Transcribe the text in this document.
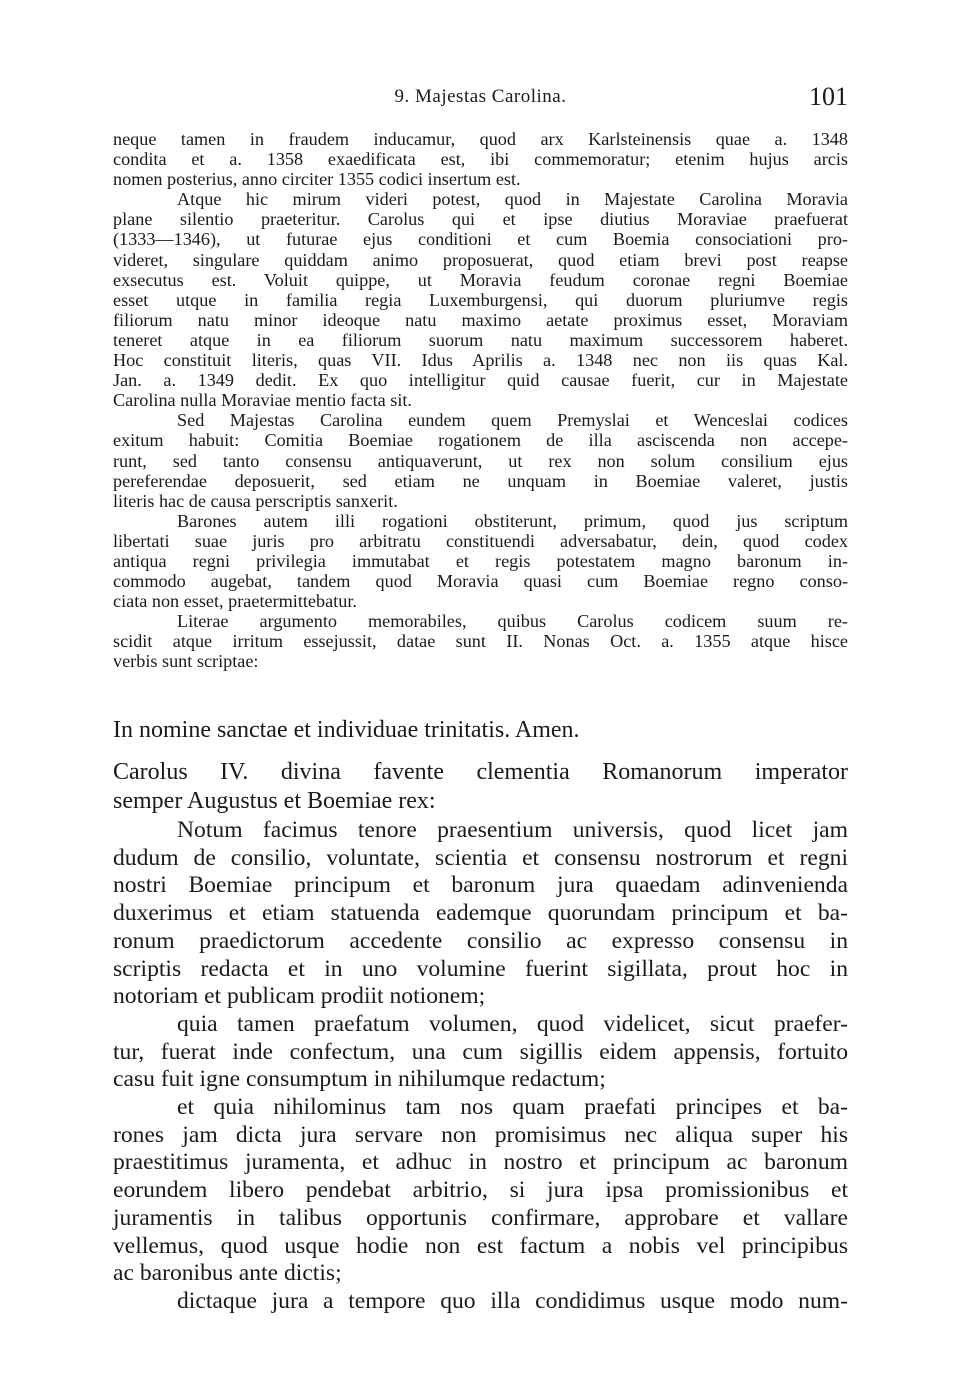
9. Majestas Carolina.	101
neque tamen in fraudem inducamur, quod arx Karlsteinensis quae a. 1348
condita et a. 1358 exaedificata est, ibi commemoratur; etenim hujus arcis
nomen posterius, anno circiter 1355 codici insertum est.
Atque hic mirum videri potest, quod in Majestate Carolina Moravia
plane silentio praeteritur. Carolus qui et ipse diutius Moraviae praefuerat
(1333—1346), ut futurae ejus conditioni et cum Boemia consociationi pro-
videret, singulare quiddam animo proposuerat, quod etiam brevi post reapse
exsecutus est. Voluit quippe, ut Moravia feudum coronae regni Boemiae
esset utque in familia regia Luxemburgensi, qui duorum pluriumve regis
filiorum natu minor ideoque natu maximo aetate proximus esset, Moraviam
teneret atque in ea filiorum suorum natu maximum successorem haberet.
Hoc constituit literis, quas VII. Idus Aprilis a. 1348 nec non iis quas Kal.
Jan. a. 1349 dedit. Ex quo intelligitur quid causae fuerit, cur in Majestate
Carolina nulla Moraviae mentio facta sit.
Sed Majestas Carolina eundem quem Premyslai et Wenceslai codices
exitum habuit: Comitia Boemiae rogationem de illa asciscenda non accepe-
runt, sed tanto consensu antiquaverunt, ut rex non solum consilium ejus
pereferendae deposuerit, sed etiam ne unquam in Boemiae valeret, justis
literis hac de causa perscriptis sanxerit.
Barones autem illi rogationi obstiterunt, primum, quod jus scriptum
libertati suae juris pro arbitratu constituendi adversabatur, dein, quod codex
antiqua regni privilegia immutabat et regis potestatem magno baronum in-
commodo augebat, tandem quod Moravia quasi cum Boemiae regno conso-
ciata non esset, praetermittebatur.
Literae argumento memorabiles, quibus Carolus codicem suum re-
scidit atque irritum essejussit, datae sunt II. Nonas Oct. a. 1355 atque hisce
verbis sunt scriptae:
In nomine sanctae et individuae trinitatis. Amen.
Carolus IV. divina favente clementia Romanorum imperator
semper Augustus et Boemiae rex:
Notum facimus tenore praesentium universis, quod licet jam
dudum de consilio, voluntate, scientia et consensu nostrorum et regni
nostri Boemiae principum et baronum jura quaedam adinvenienda
duxerimus et etiam statuenda eademque quorundam principum et ba-
ronum praedictorum accedente consilio ac expresso consensu in
scriptis redacta et in uno volumine fuerint sigillata, prout hoc in
notoriam et publicam prodiit notionem;
quia tamen praefatum volumen, quod videlicet, sicut praefer-
tur, fuerat inde confectum, una cum sigillis eidem appensis, fortuito
casu fuit igne consumptum in nihilumque redactum;
et quia nihilominus tam nos quam praefati principes et ba-
rones jam dicta jura servare non promisimus nec aliqua super his
praestitimus juramenta, et adhuc in nostro et principum ac baronum
eorundem libero pendebat arbitrio, si jura ipsa promissionibus et
juramentis in talibus opportunis confirmare, approbare et vallare
vellemus, quod usque hodie non est factum a nobis vel principibus
ac baronibus ante dictis;
dictaque jura a tempore quo illa condidimus usque modo num-
